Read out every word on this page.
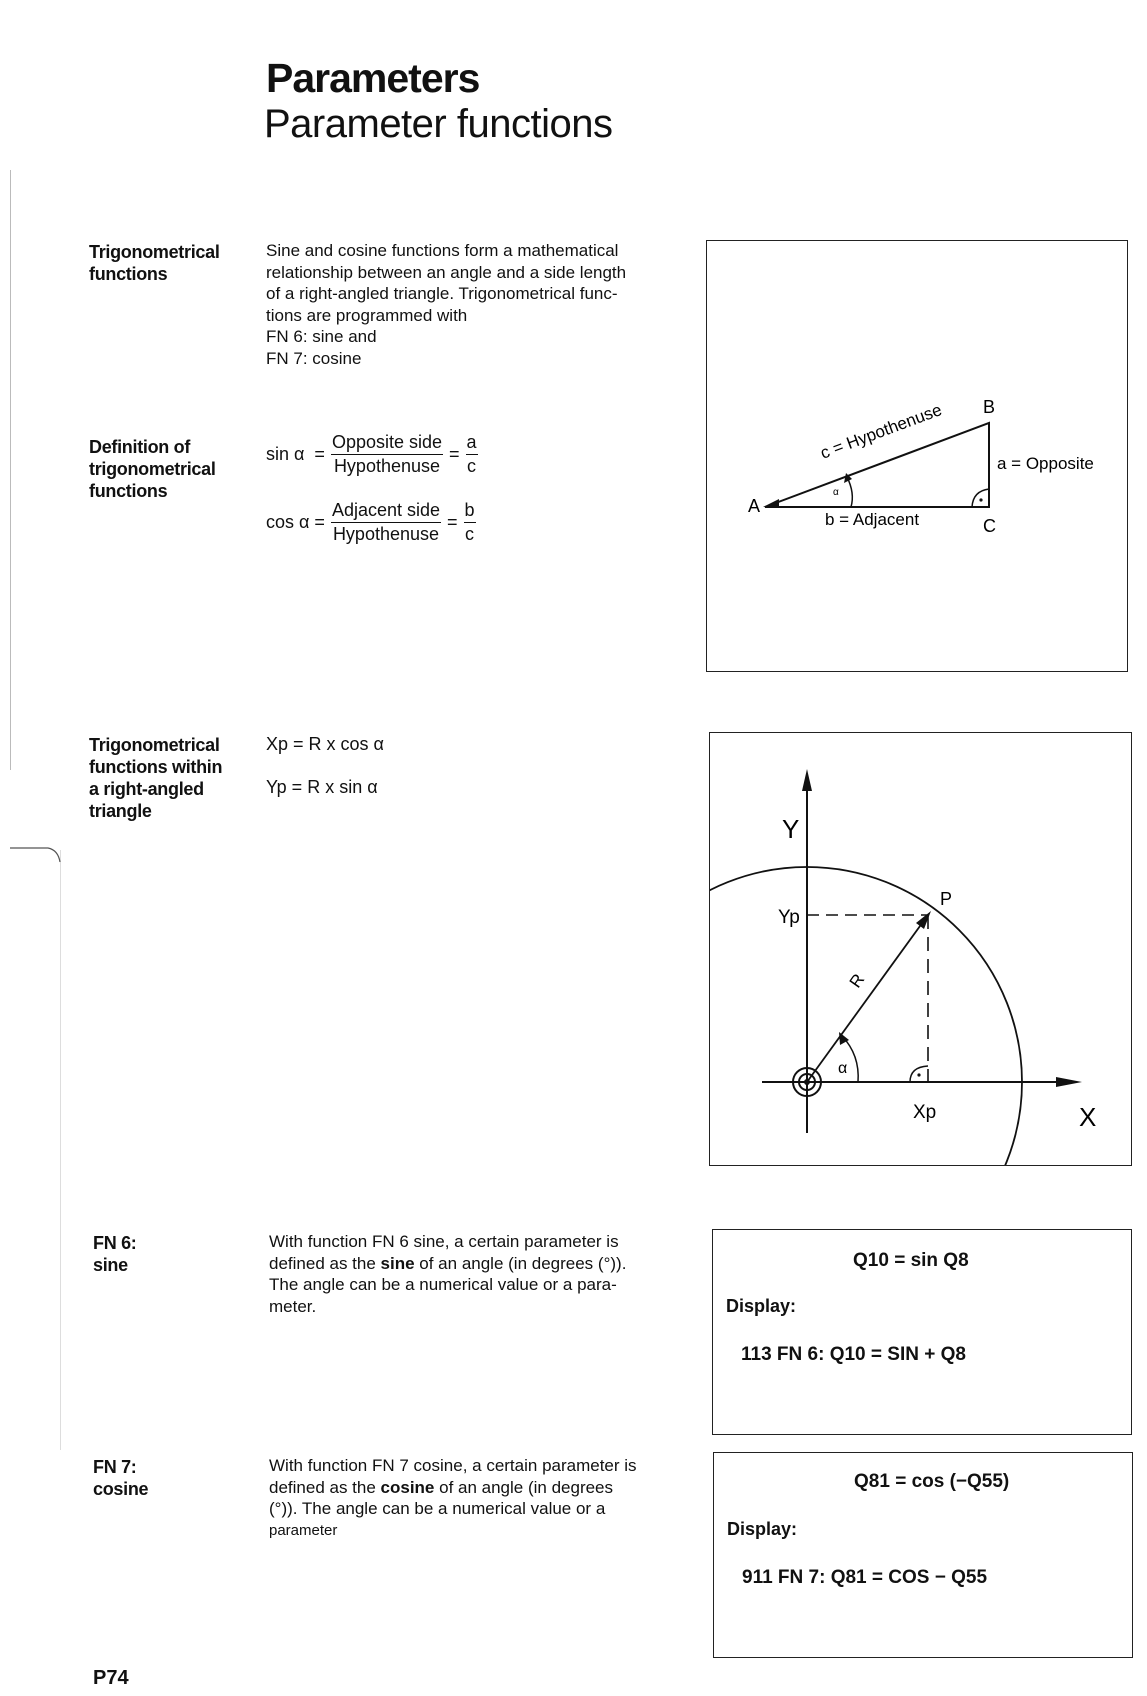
Parameters
Parameter functions
Trigonometrical
functions
Sine and cosine functions form a mathematical
relationship between an angle and a side length
of a right-angled triangle. Trigonometrical func-
tions are programmed with
FN 6: sine and
FN 7: cosine
Definition of
trigonometrical
functions
$\sin \alpha = \frac{\text{Opposite side}}{\text{Hypothenuse}} = \frac{a}{c}$
$\cos \alpha = \frac{\text{Adjacent side}}{\text{Hypothenuse}} = \frac{b}{c}$
α
A
B
C
c = Hypothenuse
a = Opposite
b = Adjacent
Trigonometrical
functions within
a right-angled
triangle
Xp = R x cos α
Yp = R x sin α
α
Y
X
Yp
Xp
P
R
FN 6:
sine
With function FN 6 sine, a certain parameter is
defined as the sine of an angle (in degrees (°)).
The angle can be a numerical value or a para-
meter.
Q10 = sin Q8
Display:
113 FN 6: Q10 = SIN + Q8
FN 7:
cosine
With function FN 7 cosine, a certain parameter is
defined as the cosine of an angle (in degrees
(°)). The angle can be a numerical value or a
parameter
Q81 = cos (−Q55)
Display:
911 FN 7: Q81 = COS − Q55
P74
